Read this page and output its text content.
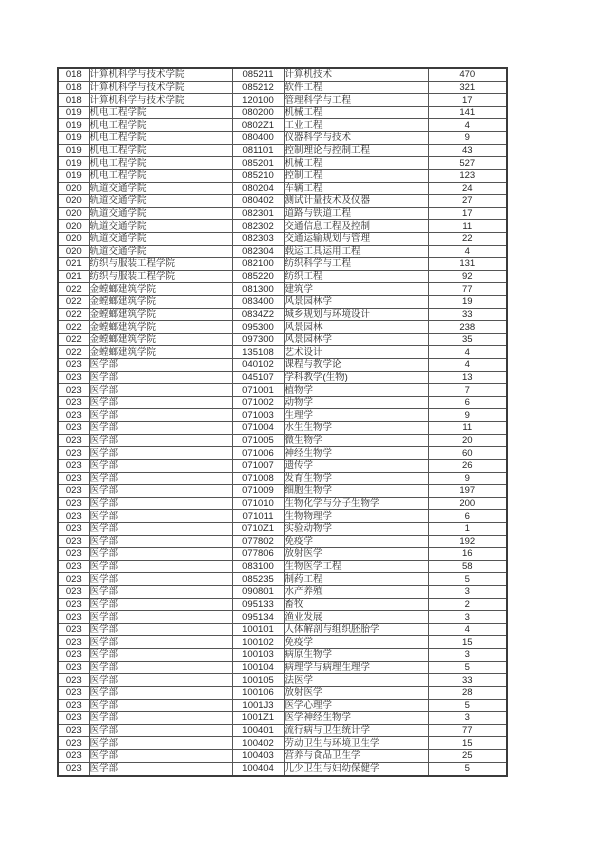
018	计算机科学与技术学院	085211	计算机技术	470
018	计算机科学与技术学院	085212	软件工程	321
018	计算机科学与技术学院	120100	管理科学与工程	17
019	机电工程学院	080200	机械工程	141
019	机电工程学院	0802Z1	工业工程	4
019	机电工程学院	080400	仪器科学与技术	9
019	机电工程学院	081101	控制理论与控制工程	43
019	机电工程学院	085201	机械工程	527
019	机电工程学院	085210	控制工程	123
020	轨道交通学院	080204	车辆工程	24
020	轨道交通学院	080402	测试计量技术及仪器	27
020	轨道交通学院	082301	道路与铁道工程	17
020	轨道交通学院	082302	交通信息工程及控制	11
020	轨道交通学院	082303	交通运输规划与管理	22
020	轨道交通学院	082304	载运工具运用工程	4
021	纺织与服装工程学院	082100	纺织科学与工程	131
021	纺织与服装工程学院	085220	纺织工程	92
022	金螳螂建筑学院	081300	建筑学	77
022	金螳螂建筑学院	083400	风景园林学	19
022	金螳螂建筑学院	0834Z2	城乡规划与环境设计	33
022	金螳螂建筑学院	095300	风景园林	238
022	金螳螂建筑学院	097300	风景园林学	35
022	金螳螂建筑学院	135108	艺术设计	4
023	医学部	040102	课程与教学论	4
023	医学部	045107	学科教学(生物)	13
023	医学部	071001	植物学	7
023	医学部	071002	动物学	6
023	医学部	071003	生理学	9
023	医学部	071004	水生生物学	11
023	医学部	071005	微生物学	20
023	医学部	071006	神经生物学	60
023	医学部	071007	遗传学	26
023	医学部	071008	发育生物学	9
023	医学部	071009	细胞生物学	197
023	医学部	071010	生物化学与分子生物学	200
023	医学部	071011	生物物理学	6
023	医学部	0710Z1	实验动物学	1
023	医学部	077802	免疫学	192
023	医学部	077806	放射医学	16
023	医学部	083100	生物医学工程	58
023	医学部	085235	制药工程	5
023	医学部	090801	水产养殖	3
023	医学部	095133	畜牧	2
023	医学部	095134	渔业发展	3
023	医学部	100101	人体解剖与组织胚胎学	4
023	医学部	100102	免疫学	15
023	医学部	100103	病原生物学	3
023	医学部	100104	病理学与病理生理学	5
023	医学部	100105	法医学	33
023	医学部	100106	放射医学	28
023	医学部	1001J3	医学心理学	5
023	医学部	1001Z1	医学神经生物学	3
023	医学部	100401	流行病与卫生统计学	77
023	医学部	100402	劳动卫生与环境卫生学	15
023	医学部	100403	营养与食品卫生学	25
023	医学部	100404	儿少卫生与妇幼保健学	5
